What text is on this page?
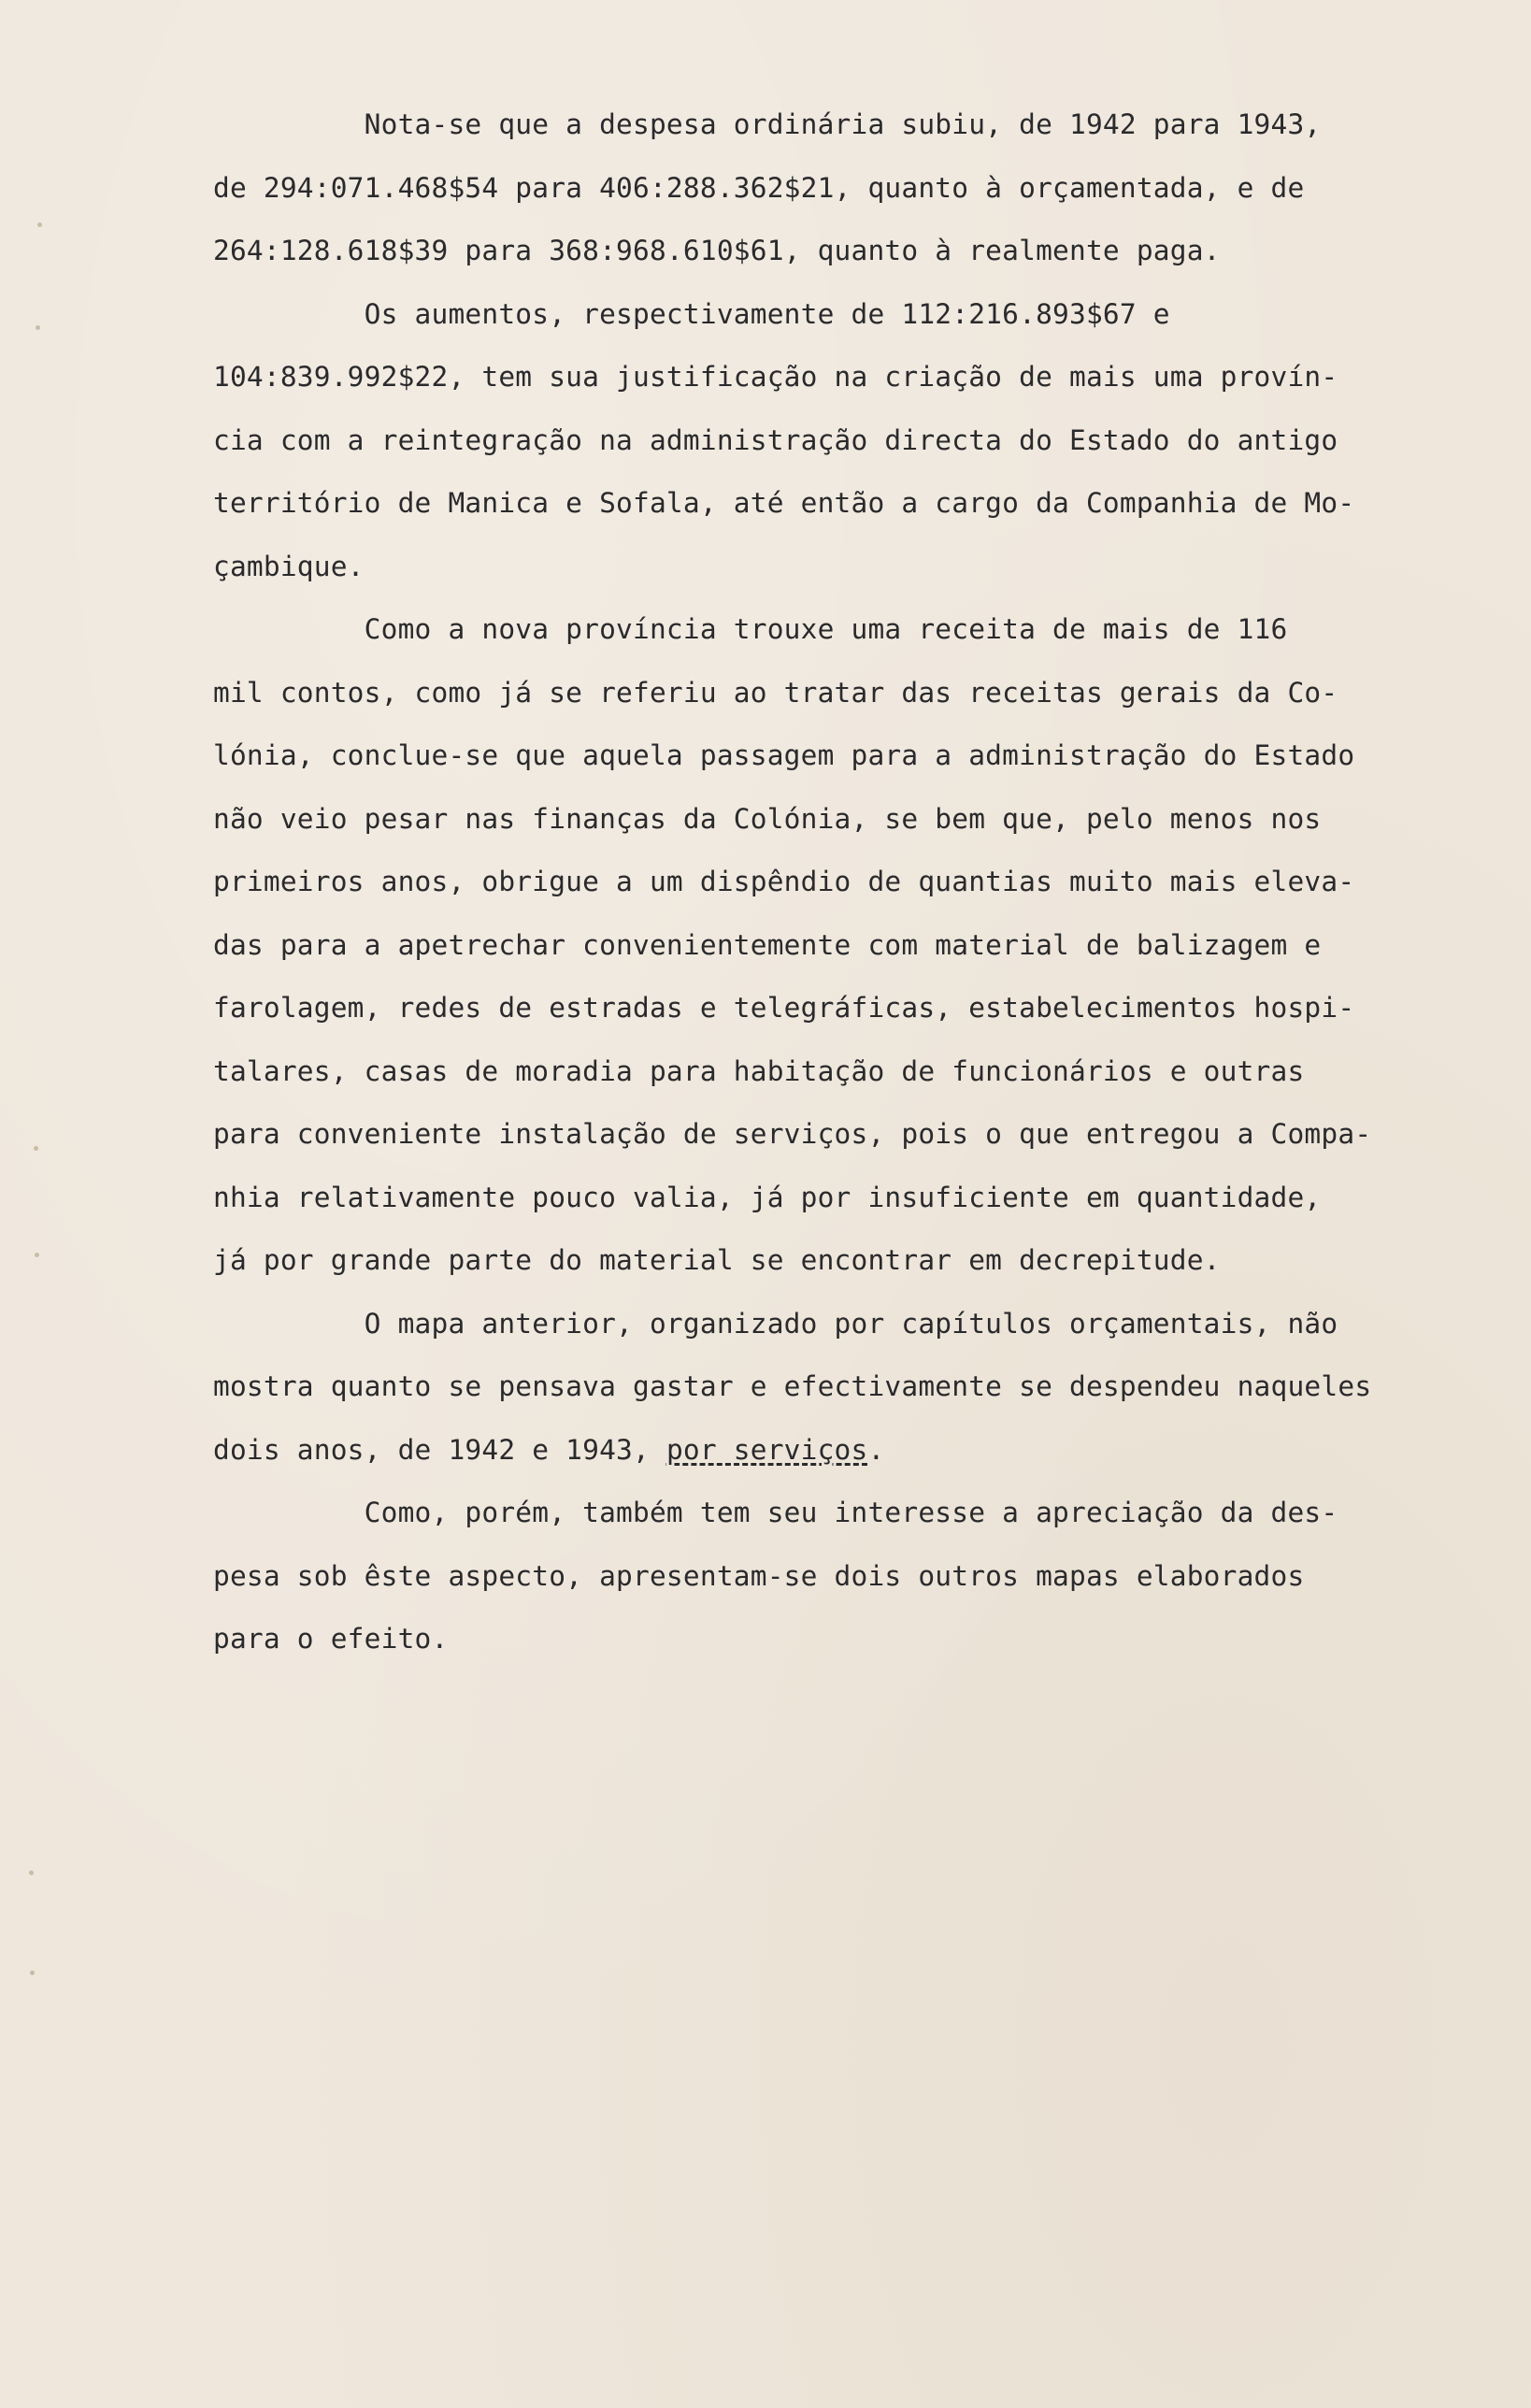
Nota-se que a despesa ordinária subiu, de 1942 para 1943,
de 294:071.468$54 para 406:288.362$21, quanto à orçamentada, e de
264:128.618$39 para 368:968.610$61, quanto à realmente paga.
Os aumentos, respectivamente de 112:216.893$67 e
104:839.992$22, tem sua justificação na criação de mais uma provín-
cia com a reintegração na administração directa do Estado do antigo
território de Manica e Sofala, até então a cargo da Companhia de Mo-
çambique.
Como a nova província trouxe uma receita de mais de 116
mil contos, como já se referiu ao tratar das receitas gerais da Co-
lónia, conclue-se que aquela passagem para a administração do Estado
não veio pesar nas finanças da Colónia, se bem que, pelo menos nos
primeiros anos, obrigue a um dispêndio de quantias muito mais eleva-
das para a apetrechar convenientemente com material de balizagem e
farolagem, redes de estradas e telegráficas, estabelecimentos hospi-
talares, casas de moradia para habitação de funcionários e outras
para conveniente instalação de serviços, pois o que entregou a Compa-
nhia relativamente pouco valia, já por insuficiente em quantidade,
já por grande parte do material se encontrar em decrepitude.
O mapa anterior, organizado por capítulos orçamentais, não
mostra quanto se pensava gastar e efectivamente se despendeu naqueles
dois anos, de 1942 e 1943, por serviços.
Como, porém, também tem seu interesse a apreciação da des-
pesa sob êste aspecto, apresentam-se dois outros mapas elaborados
para o efeito.
